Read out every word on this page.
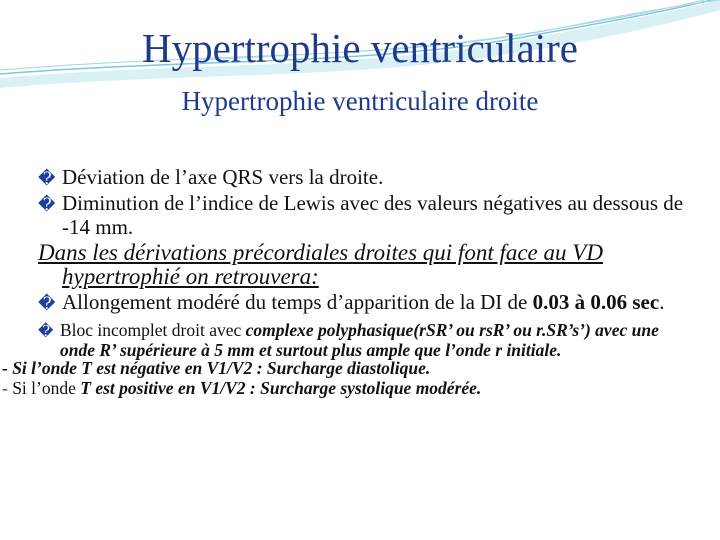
Hypertrophie ventriculaire
Hypertrophie ventriculaire droite

� Déviation de l’axe QRS vers la droite.

� Diminution de l’indice de Lewis avec des valeurs négatives au dessous de -14 mm.

Dans les dérivations précordiales droites qui font face au VD hypertrophié on retrouvera:

� Allongement modéré du temps d’apparition de la DI de 0.03 à 0.06 sec.

� Bloc incomplet droit avec complexe polyphasique(rSR’ ou rsR’ ou r.SR’s’) avec une onde R’ supérieure à 5 mm et surtout plus ample que l’onde r initiale.

- Si l’onde T est négative en V1/V2 : Surcharge diastolique.

- Si l’onde T est positive en V1/V2 : Surcharge systolique modérée.
